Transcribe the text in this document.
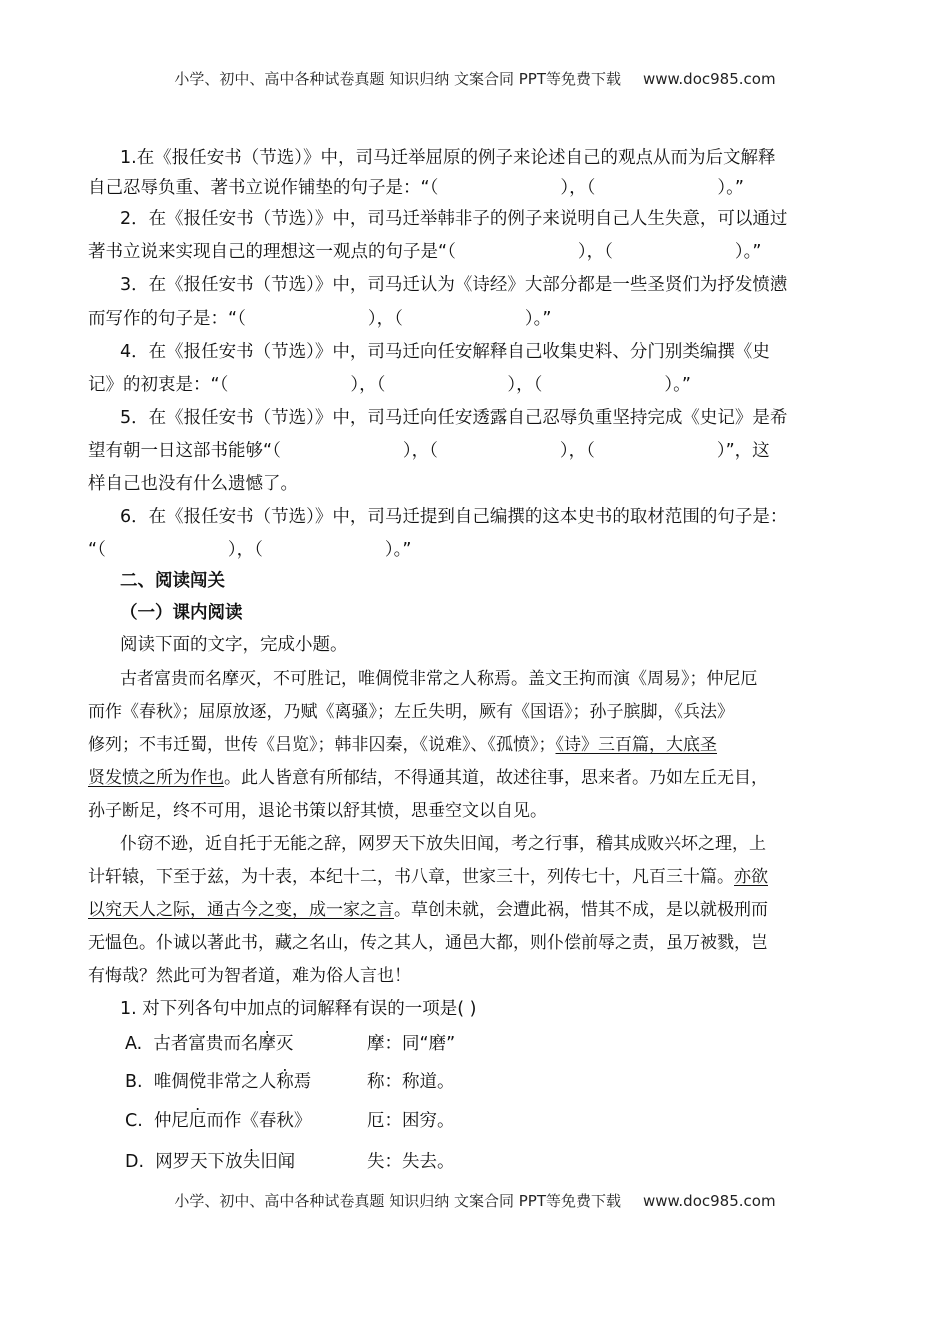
小学、初中、高中各种试卷真题 知识归纳 文案合同 PPT等免费下载 www.doc985.com
1.在《报任安书（节选）》中，司马迁举屈原的例子来论述自己的观点从而为后文解释
自己忍辱负重、著书立说作铺垫的句子是：“（	），（	）。”
2．在《报任安书（节选）》中，司马迁举韩非子的例子来说明自己人生失意，可以通过
著书立说来实现自己的理想这一观点的句子是“（	），（	）。”
3．在《报任安书（节选）》中，司马迁认为《诗经》大部分都是一些圣贤们为抒发愤懑
而写作的句子是：“（	），（	）。”
4．在《报任安书（节选）》中，司马迁向任安解释自己收集史料、分门别类编撰《史
记》的初衷是：“（	），（	），（	）。”
5．在《报任安书（节选）》中，司马迁向任安透露自己忍辱负重坚持完成《史记》是希
望有朝一日这部书能够“（	），（	），（	）”，这
样自己也没有什么遗憾了。
6．在《报任安书（节选）》中，司马迁提到自己编撰的这本史书的取材范围的句子是：
“（	），（	）。”
二、阅读闯关
（一）课内阅读
阅读下面的文字，完成小题。
古者富贵而名摩灭，不可胜记，唯倜傥非常之人称焉。盖文王拘而演《周易》；仲尼厄
而作《春秋》；屈原放逐，乃赋《离骚》；左丘失明，厥有《国语》；孙子膑脚，《兵法》
修列；不韦迁蜀，世传《吕览》；韩非囚秦，《说难》、《孤愤》；《诗》三百篇，大底圣
贤发愤之所为作也。此人皆意有所郁结，不得通其道，故述往事，思来者。乃如左丘无目，
孙子断足，终不可用，退论书策以舒其愤，思垂空文以自见。
仆窃不逊，近自托于无能之辞，网罗天下放失旧闻，考之行事，稽其成败兴坏之理，上
计轩辕，下至于兹，为十表，本纪十二，书八章，世家三十，列传七十，凡百三十篇。亦欲
以究天人之际，通古今之变，成一家之言。草创未就，会遭此祸，惜其不成，是以就极刑而
无愠色。仆诚以著此书，藏之名山，传之其人，通邑大都，则仆偿前辱之责，虽万被戮，岂
有悔哉？然此可为智者道，难为俗人言也！
1. 对下列各句中加点的词解释有误的一项是( )
A. 古者富贵而名摩灭	摩：同“磨”
B. 唯倜傥非常之人称焉	称：称道。
C. 仲尼厄而作《春秋》	厄：困穷。
D. 网罗天下放失旧闻	失：失去。
小学、初中、高中各种试卷真题 知识归纳 文案合同 PPT等免费下载 www.doc985.com
